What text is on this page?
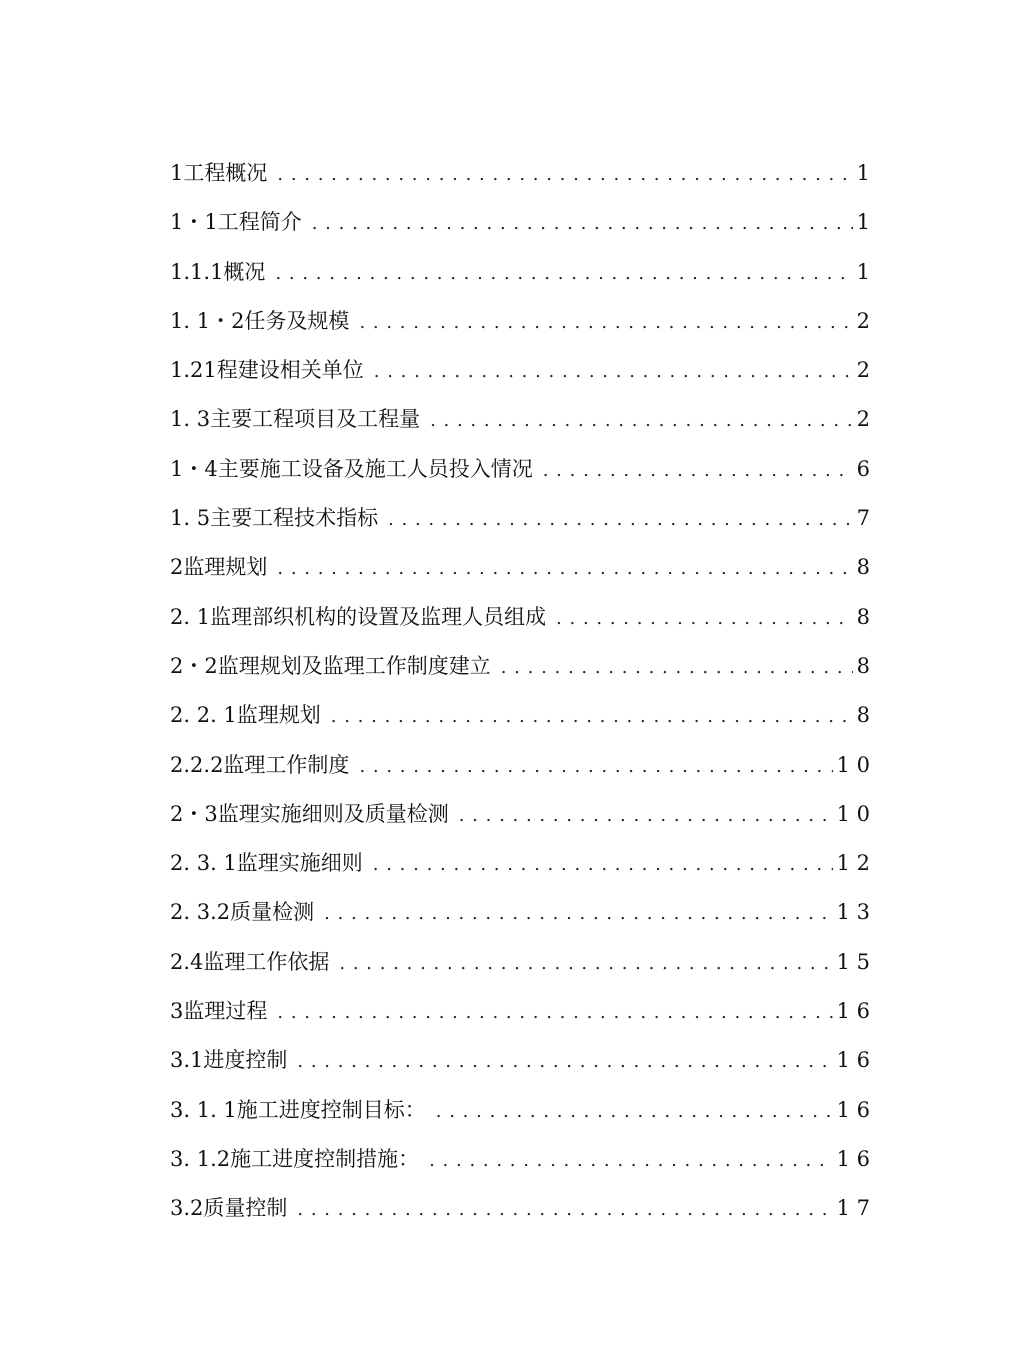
1工程概况 . . .	1
1・1工程简介 . . .	1
1.1.1概况 . . .	1
1. 1・2任务及规模 . . .	2
1.21程建设相关单位 . . .	2
1. 3主要工程项目及工程量 . . .	2
1・4主要施工设备及施工人员投入情况 . . .	6
1. 5主要工程技术指标 . . .	7
2监理规划 . . .	8
2. 1监理部织机构的设置及监理人员组成 . . .	8
2・2监理规划及监理工作制度建立 . . .	8
2. 2. 1监理规划 . . .	8
2.2.2监理工作制度 . . .	1 0
2・3监理实施细则及质量检测 . . .	1 0
2. 3. 1监理实施细则 . . .	1 2
2. 3.2质量检测 . . .	1 3
2.4监理工作依据 . . .	1 5
3监理过程 . . .	1 6
3.1进度控制 . . .	1 6
3. 1. 1施工进度控制目标： . . .	1 6
3. 1.2施工进度控制措施： . . .	1 6
3.2质量控制 . . .	1 7
